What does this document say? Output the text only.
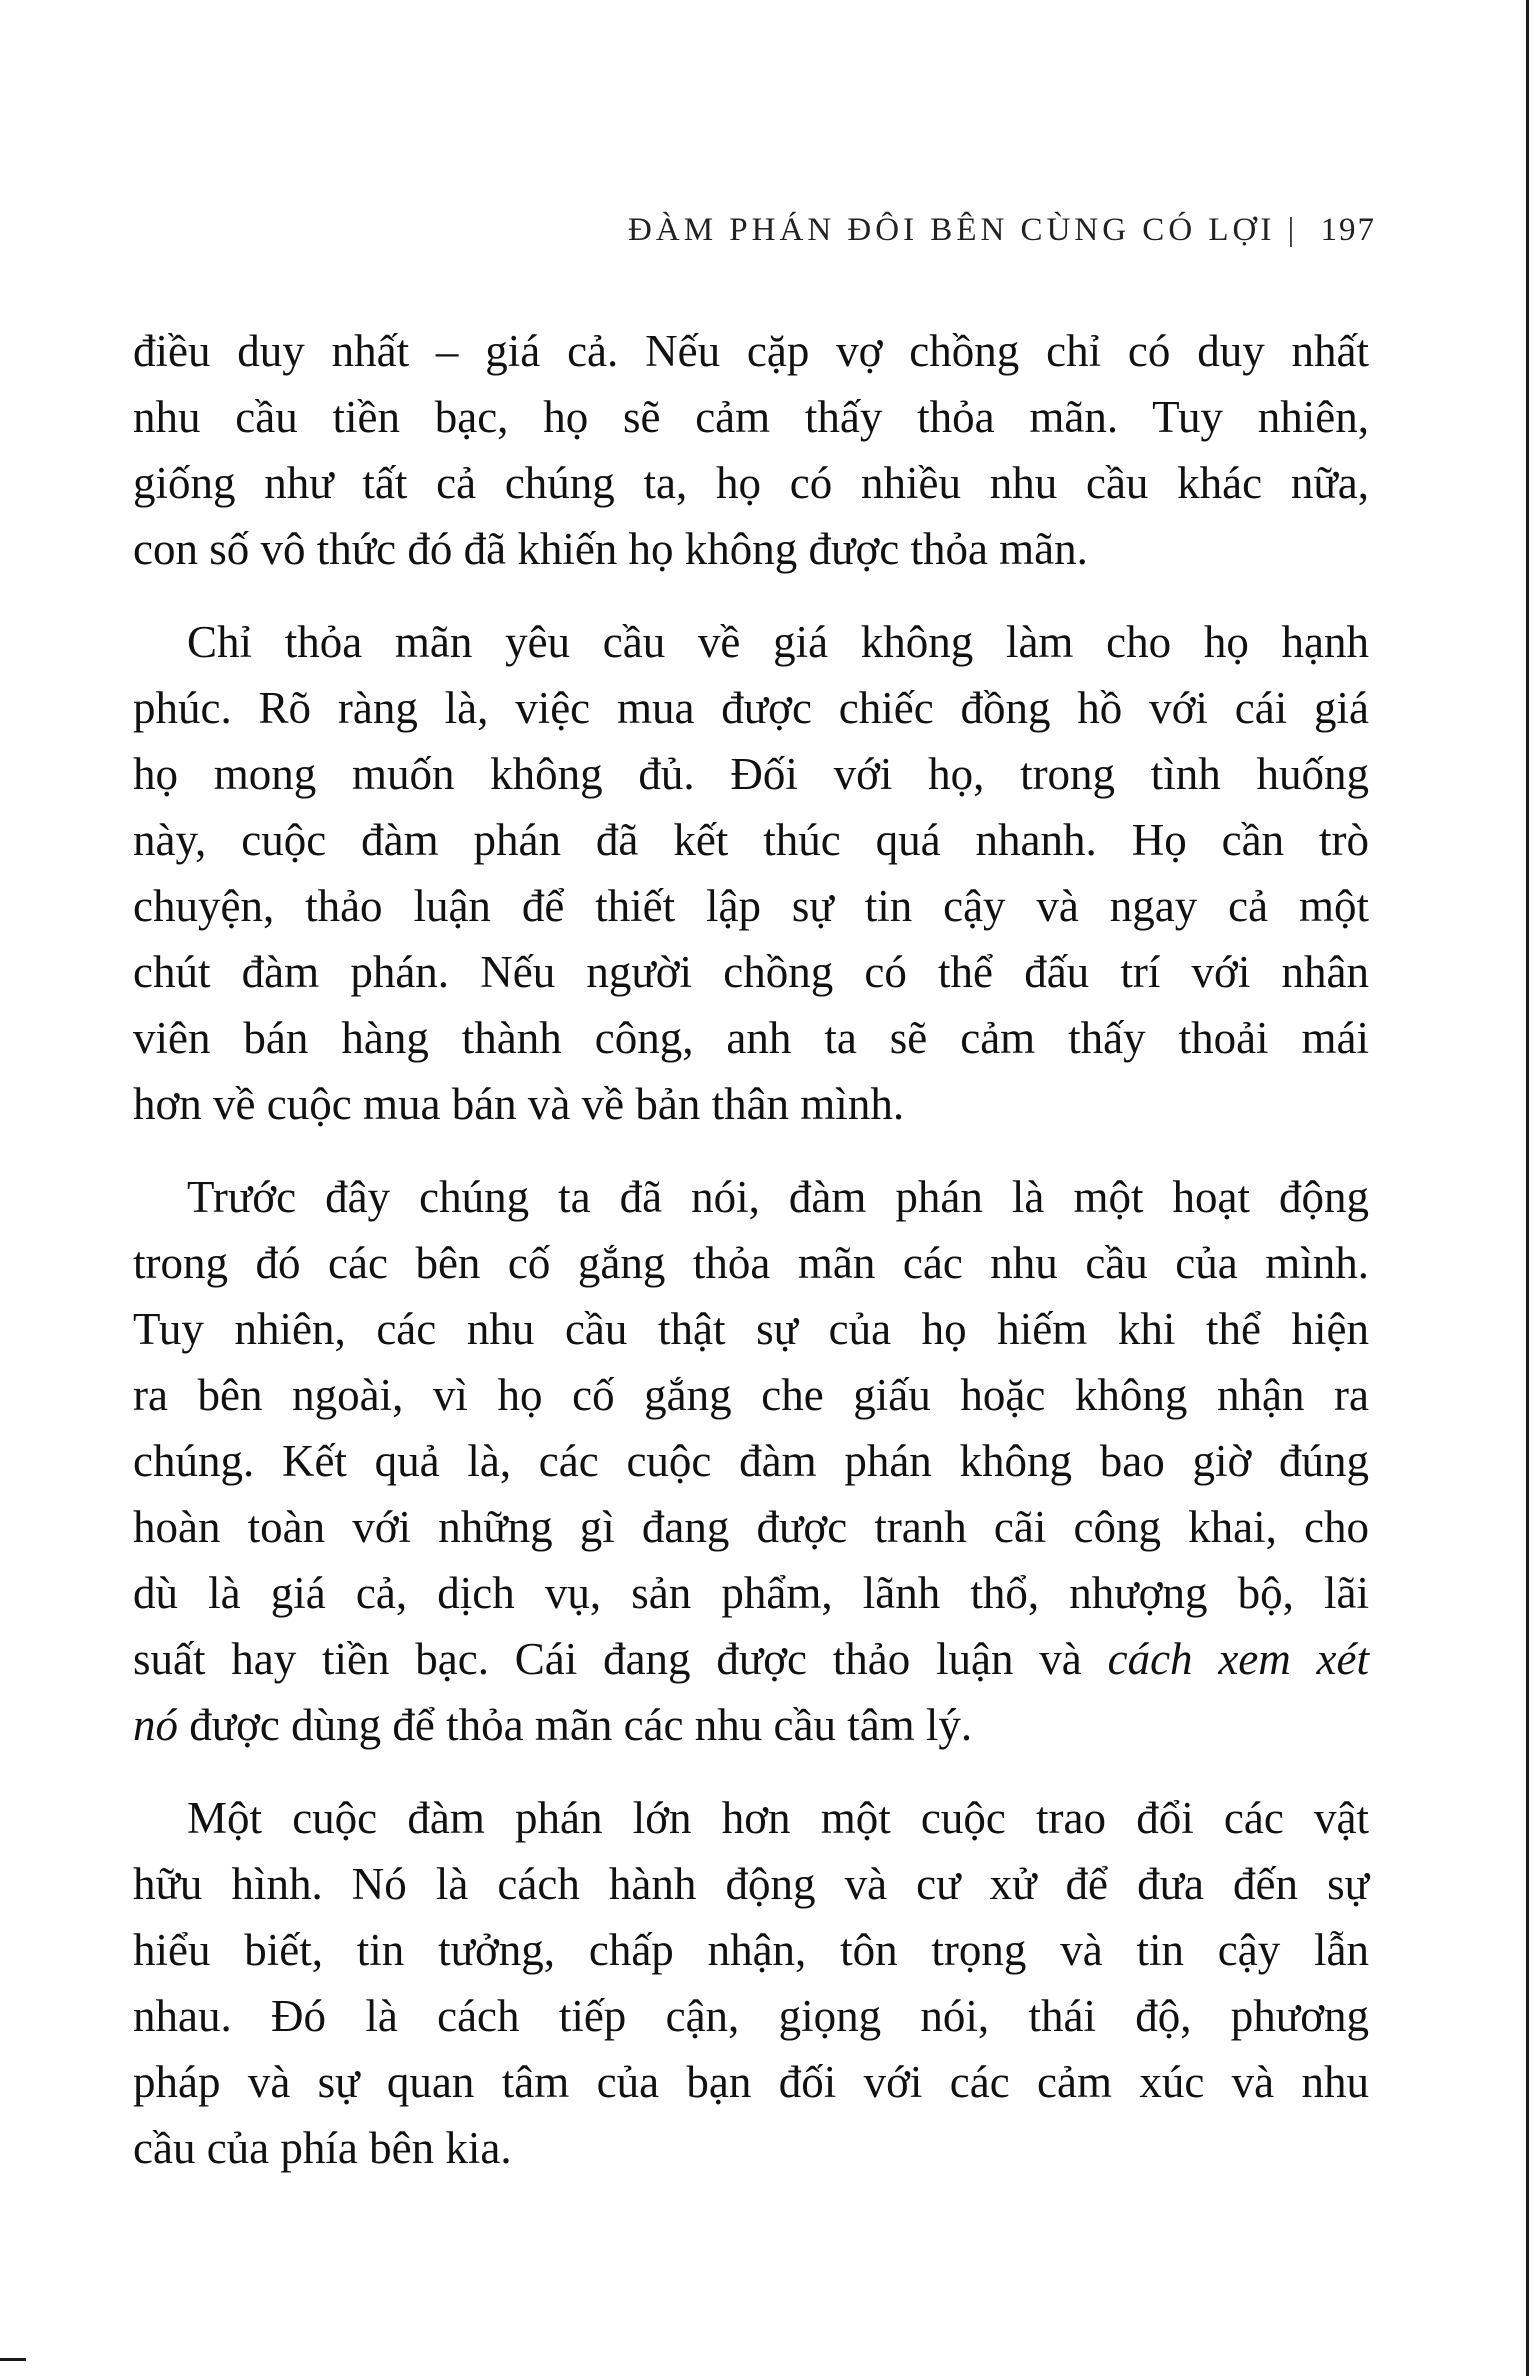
ĐÀM PHÁN ĐÔI BÊN CÙNG CÓ LỢI | 197

điều duy nhất – giá cả. Nếu cặp vợ chồng chỉ có duy nhất
nhu cầu tiền bạc, họ sẽ cảm thấy thỏa mãn. Tuy nhiên,
giống như tất cả chúng ta, họ có nhiều nhu cầu khác nữa,
con số vô thức đó đã khiến họ không được thỏa mãn.

Chỉ thỏa mãn yêu cầu về giá không làm cho họ hạnh
phúc. Rõ ràng là, việc mua được chiếc đồng hồ với cái giá
họ mong muốn không đủ. Đối với họ, trong tình huống
này, cuộc đàm phán đã kết thúc quá nhanh. Họ cần trò
chuyện, thảo luận để thiết lập sự tin cậy và ngay cả một
chút đàm phán. Nếu người chồng có thể đấu trí với nhân
viên bán hàng thành công, anh ta sẽ cảm thấy thoải mái
hơn về cuộc mua bán và về bản thân mình.

Trước đây chúng ta đã nói, đàm phán là một hoạt động
trong đó các bên cố gắng thỏa mãn các nhu cầu của mình.
Tuy nhiên, các nhu cầu thật sự của họ hiếm khi thể hiện
ra bên ngoài, vì họ cố gắng che giấu hoặc không nhận ra
chúng. Kết quả là, các cuộc đàm phán không bao giờ đúng
hoàn toàn với những gì đang được tranh cãi công khai, cho
dù là giá cả, dịch vụ, sản phẩm, lãnh thổ, nhượng bộ, lãi
suất hay tiền bạc. Cái đang được thảo luận và cách xem xét
nó được dùng để thỏa mãn các nhu cầu tâm lý.

Một cuộc đàm phán lớn hơn một cuộc trao đổi các vật
hữu hình. Nó là cách hành động và cư xử để đưa đến sự
hiểu biết, tin tưởng, chấp nhận, tôn trọng và tin cậy lẫn
nhau. Đó là cách tiếp cận, giọng nói, thái độ, phương
pháp và sự quan tâm của bạn đối với các cảm xúc và nhu
cầu của phía bên kia.
